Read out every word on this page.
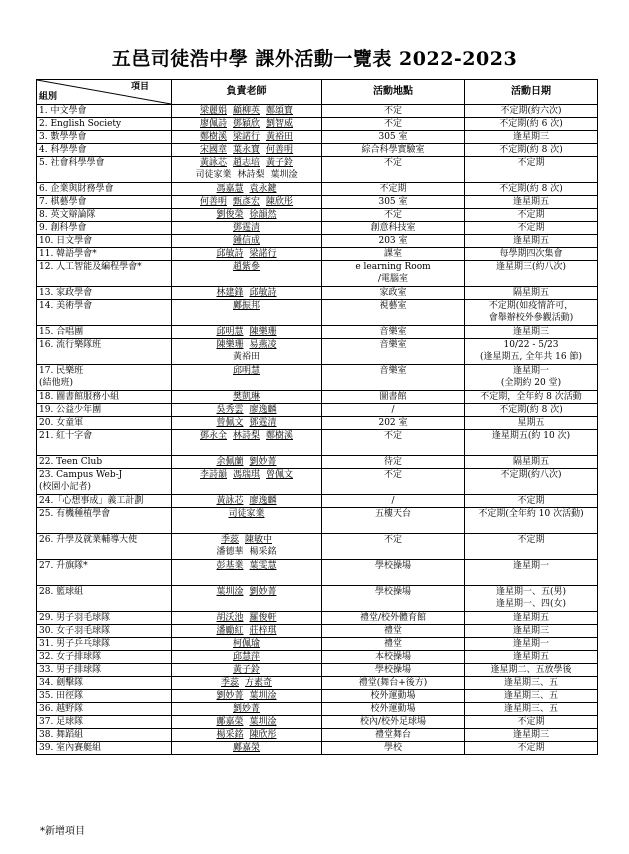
五邑司徒浩中學 課外活動一覽表 2022-2023
項目
組別	負責老師	活動地點	活動日期

1. 中文學會	梁麗娟 顧柳英 鄭頌寶	不定	不定期(約六次)

2. English Society	廖佩詩 鄧穎欣 劉智威	不定	不定期(約 6 次)

3. 數學學會	鄭樹溪 梁諾行 黃裕田	305 室	逢星期三

4. 科學學會	宋國章 葉永寶 何善明	綜合科學實驗室	不定期(約 8 次)

5. 社會科學學會	黃詠芯 趙志培 黃子鈴
司徒家業 林詩梨 葉圳淦	不定	不定期

6. 企業與財務學會	馮嘉慧 袁永鍵	不定期	不定期(約 8 次)

7. 棋藝學會	何善明 甄彥宏 陳欣彤	305 室	逢星期五

8. 英文辯論隊	劉俊榮 徐韻然	不定	不定期

9. 創科學會	鄧霆清	創意科技室	不定期

10. 日文學會	鍾信成	203 室	逢星期五

11. 韓語學會*	邱敏詩 梁諾行	課室	每學期四次集會

12. 人工智能及編程學會*	趙紫參	e learning Room
/電腦室	逢星期三(約八次)

13. 家政學會	林建鋒 邱敏詩	家政室	隔星期五

14. 美術學會	鄺振邦	視藝室	不定期(如疫情許可，
會舉辦校外參觀活動)

15. 合唱團	邱明慧 陳樂珊	音樂室	逢星期三

16. 流行樂隊班	陳樂珊 易燕凌
黃裕田	音樂室	10/22 - 5/23
(逢星期五, 全年共 16 節)

17. 民樂班
(結他班)	邱明慧	音樂室	逢星期一
(全期約 20 堂)

18. 圖書館服務小組	樊凱琳	圖書館	不定期，全年約 8 次活動

19. 公益少年團	吳秀雲 廖逸麟	/	不定期(約 8 次)

20. 女童軍	曾佩文 鄧霆清	202 室	星期五

21. 紅十字會	鄧永全 林詩梨 鄭樹溪	不定	逢星期五(約 10 次)

22. Teen Club	余佩蘭 劉妙菁	待定	隔星期五

23. Campus Web-J
(校園小記者)	李詩韻 馮瑞琪 曾佩文	不定	不定期(約八次)

24.「心想事成」義工計劃	黃詠芯 廖逸麟	/	不定期

25. 有機種植學會	司徒家業	五樓天台	不定期(全年約 10 次活動)

26. 升學及就業輔導大使	季蕊 陳敏中
潘德華 楊采銘	不定	不定期

27. 升旗隊*	彭基業 葉雯慧	學校操場	逢星期一

28. 籃球組	葉圳淦 劉妙菁	學校操場	逢星期一、五(男)
逢星期一、四(女)

29. 男子羽毛球隊	胡沃池 羅俊軒	禮堂/校外體育館	逢星期五

30. 女子羽毛球隊	潘勵紅 莊梓琪	禮堂	逢星期三

31. 男子乒乓球隊	柯佩瑜	禮堂	逢星期一

32. 女子排球隊	邱慧萍	本校操場	逢星期五

33. 男子排球隊	黃子鈴	學校操場	逢星期二、五放學後

34. 劍擊隊	季蕊 方素奇	禮堂(舞台+後方)	逢星期三、五

35. 田徑隊	劉妙菁 葉圳淦	校外運動場	逢星期三、五

36. 越野隊	劉妙菁	校外運動場	逢星期三、五

37. 足球隊	鄺嘉榮 葉圳淦	校內/校外足球場	不定期

38. 舞蹈組	楊采銘 陳欣彤	禮堂舞台	逢星期三

39. 室內賽艇組	鄺嘉榮	學校	不定期
*新增項目
